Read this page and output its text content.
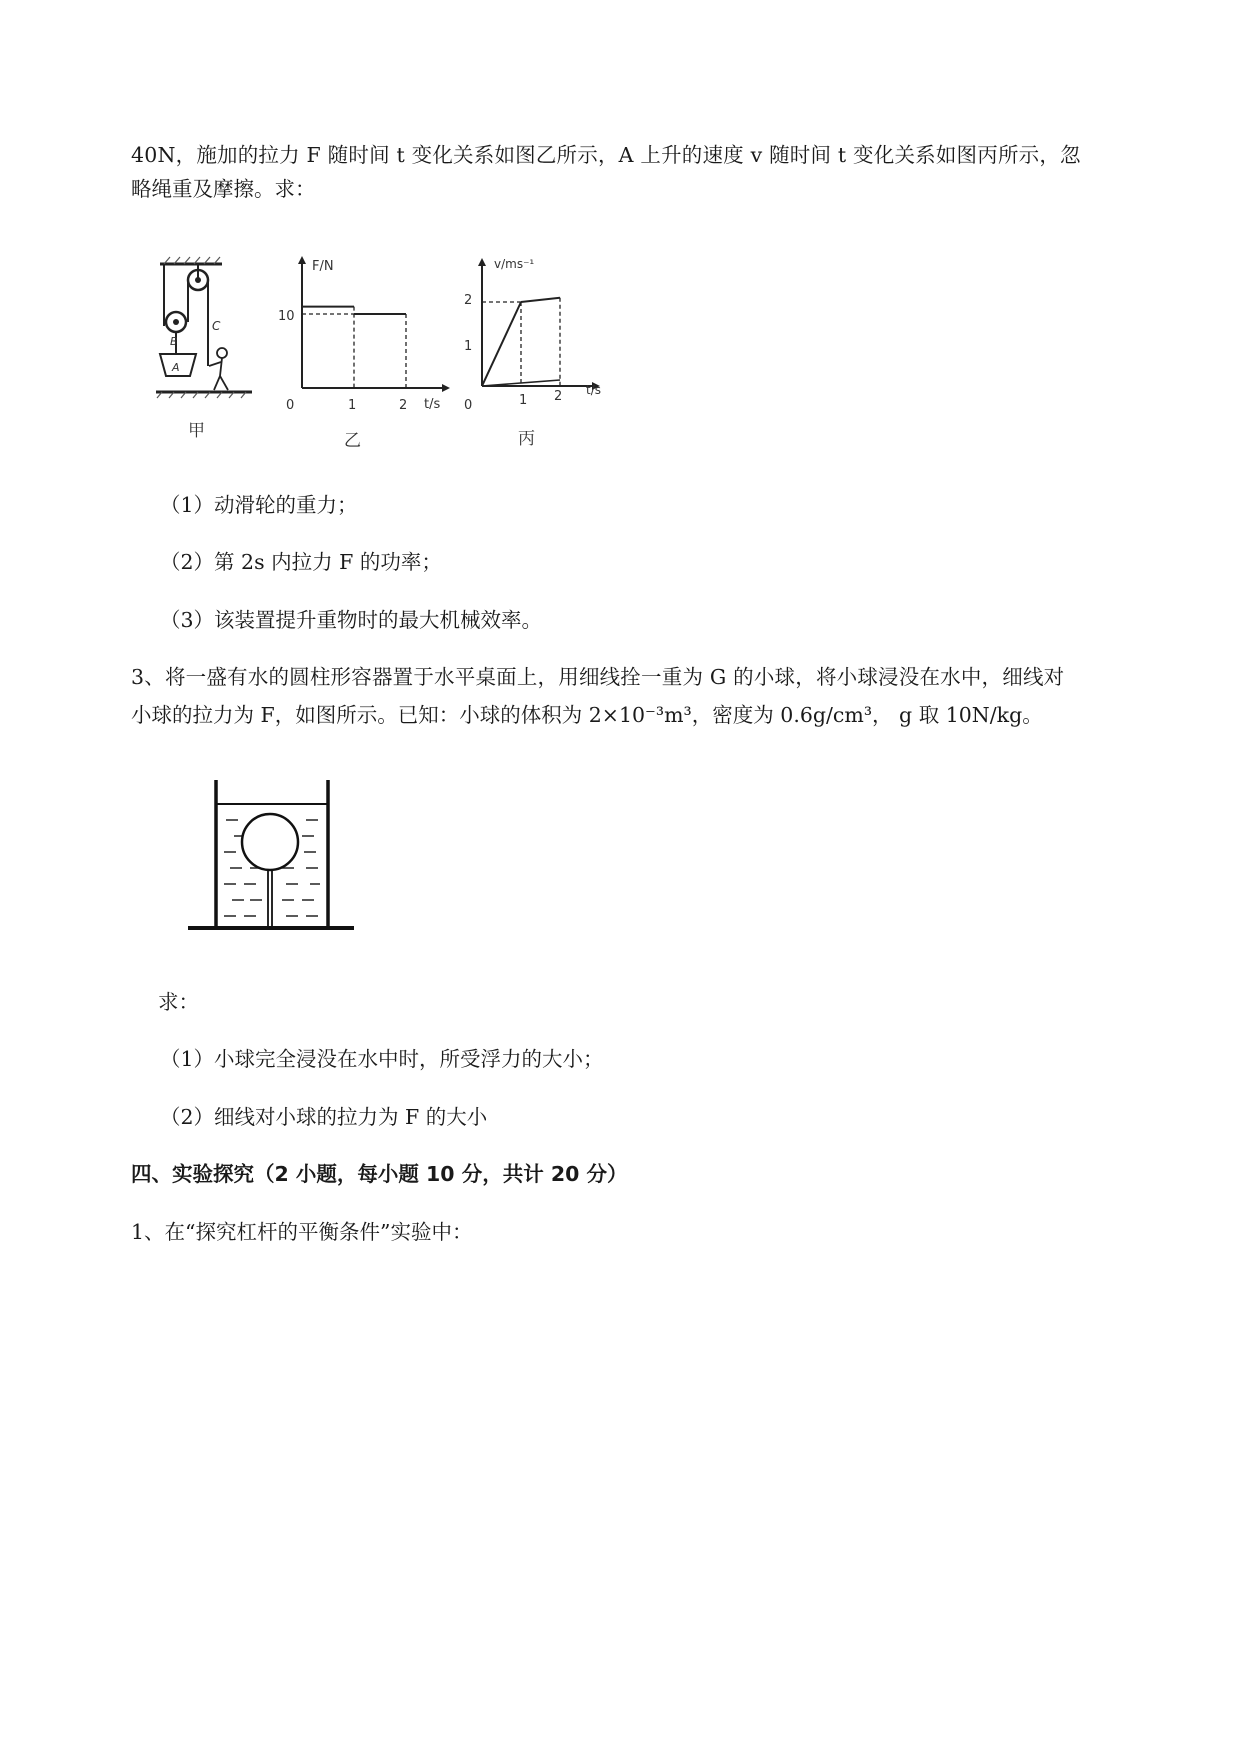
40N，施加的拉力 F 随时间 t 变化关系如图乙所示，A 上升的速度 v 随时间 t 变化关系如图丙所示，忽
略绳重及摩擦。求：
A
B
C
甲
F/N
t/s
0	1	2
10
乙
v/ms⁻¹
t/s
0	1 2
1
2
丙
（1）动滑轮的重力；
（2）第 2s 内拉力 F 的功率；
（3）该装置提升重物时的最大机械效率。
3、将一盛有水的圆柱形容器置于水平桌面上，用细线拴一重为 G 的小球，将小球浸没在水中，细线对
小球的拉力为 F，如图所示。已知：小球的体积为 2×10⁻³m³，密度为 0.6g/cm³， g 取 10N/kg。
求：
（1）小球完全浸没在水中时，所受浮力的大小；
（2）细线对小球的拉力为 F 的大小
四、实验探究（2 小题，每小题 10 分，共计 20 分）
1、在“探究杠杆的平衡条件”实验中：
